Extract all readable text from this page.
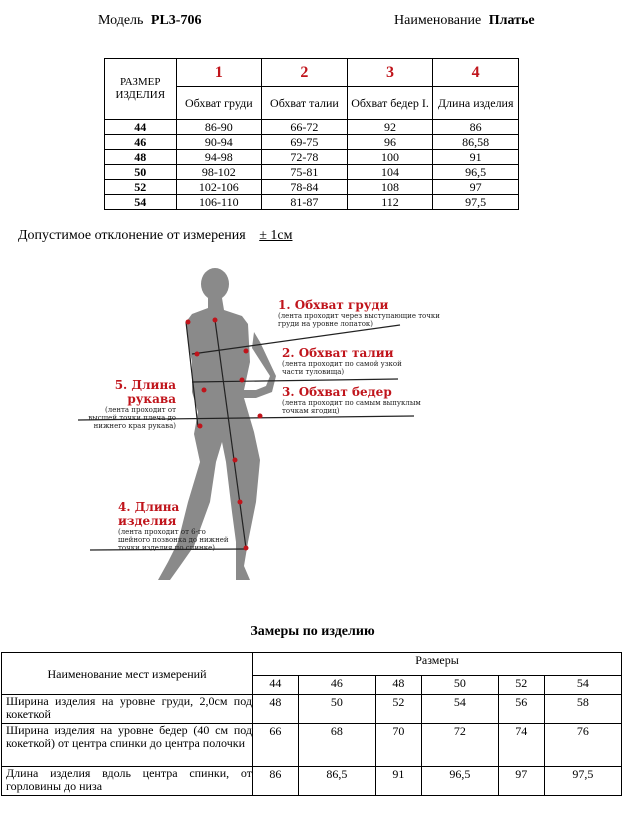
Модель PL3-706	Наименование Платье
РАЗМЕР ИЗДЕЛИЯ	1	2	3	4
	Обхват груди	Обхват талии	Обхват бедер I.	Длина изделия
44	86-90	66-72	92	86
46	90-94	69-75	96	86,58
48	94-98	72-78	100	91
50	98-102	75-81	104	96,5
52	102-106	78-84	108	97
54	106-110	81-87	112	97,5
Допустимое отклонение от измерения ± 1см
1. Обхват груди
(лента проходит через выступающие точки груди на уровне лопаток)
2. Обхват талии
(лента проходит по самой узкой части туловища)
3. Обхват бедер
(лента проходит по самым выпуклым точкам ягодиц)
4. Длина изделия
(лента проходит от 6-го шейного позвонка до нижней точки изделия по спинке)
5. Длина рукава
(лента проходит от высшей точки плеча до нижнего края рукава)
Замеры по изделию
Наименование мест измерений	Размеры					
	44	46	48	50	52	54
Ширина изделия на уровне груди, 2,0см под кокеткой	48	50	52	54	56	58
Ширина изделия на уровне бедер (40 см под кокеткой) от центра спинки до центра полочки	66	68	70	72	74	76
Длина изделия вдоль центра спинки, от горловины до низа	86	86,5	91	96,5	97	97,5
